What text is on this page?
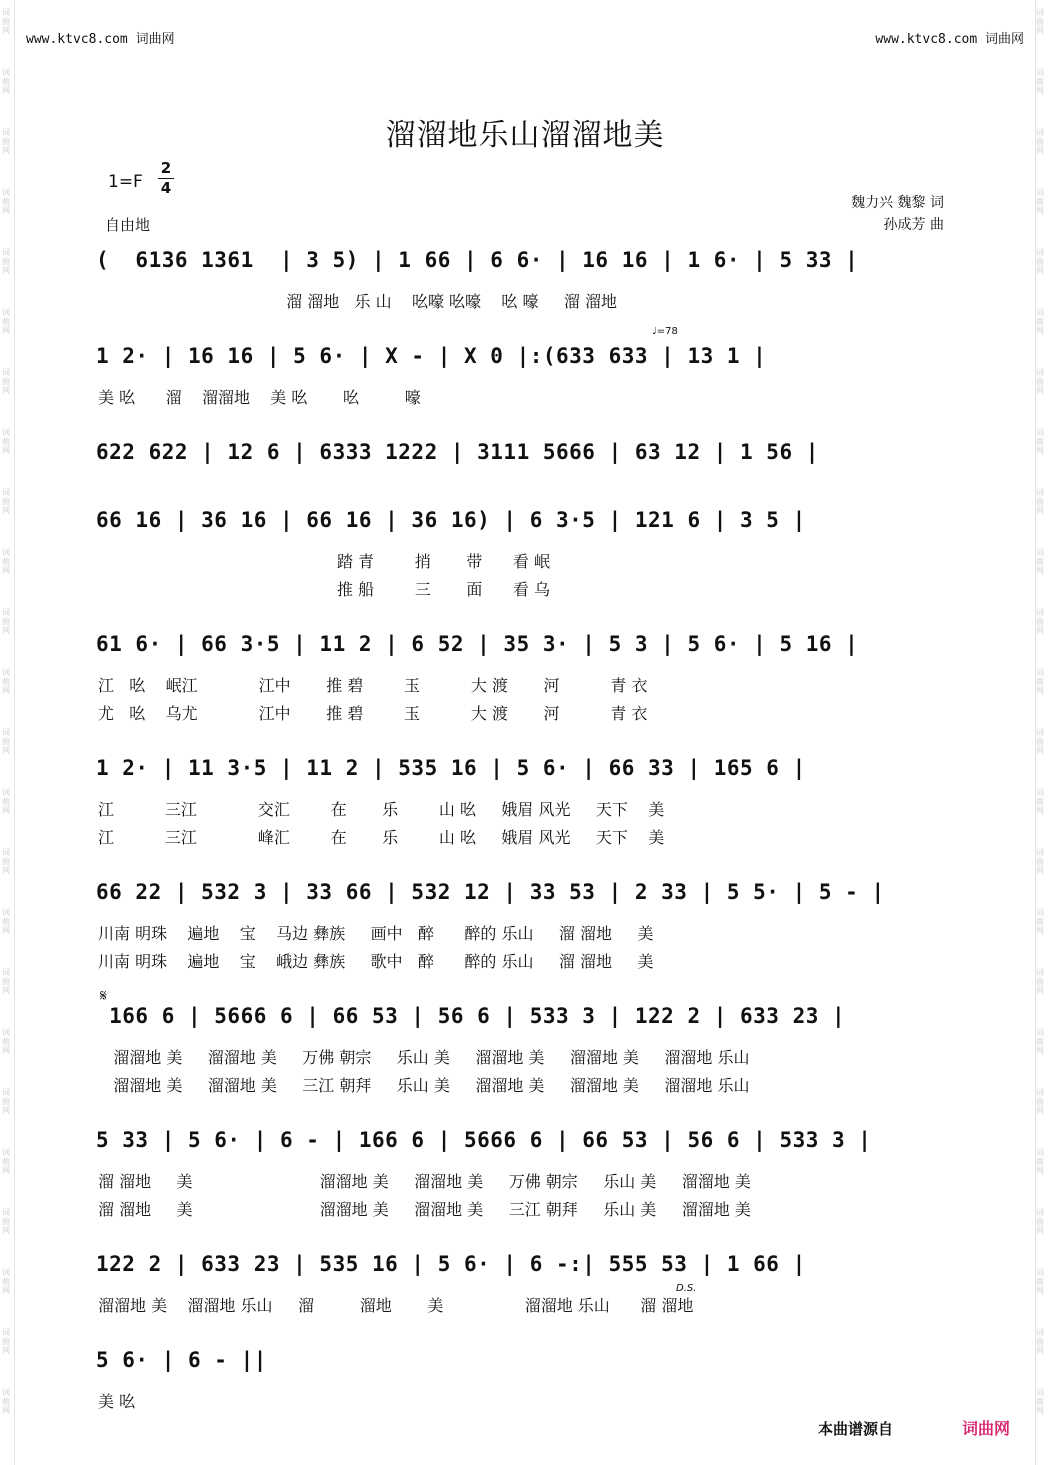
词
曲
网
词
曲
网
词
曲
网
词
曲
网
词
曲
网
词
曲
网
词
曲
网
词
曲
网
词
曲
网
词
曲
网
词
曲
网
词
曲
网
词
曲
网
词
曲
网
词
曲
网
词
曲
网
词
曲
网
词
曲
网
词
曲
网
词
曲
网
词
曲
网
词
曲
网
词
曲
网
词
曲
网
词
曲
网
词
曲
网
词
曲
网
词
曲
网
词
曲
网
词
曲
网
词
曲
网
词
曲
网
词
曲
网
词
曲
网
词
曲
网
词
曲
网
词
曲
网
词
曲
网
词
曲
网
词
曲
网
词
曲
网
词
曲
网
词
曲
网
词
曲
网
词
曲
网
词
曲
网
词
曲
网
词
曲
网
www.ktvc8.com 词曲网	www.ktvc8.com 词曲网
溜溜地乐山溜溜地美
1=F
2
4
自由地
魏力兴 魏黎 词
孙成芳 曲
♩=78
(  6136 1361  | 3 5) | 1 66 | 6 6· | 16 16 | 1 6· | 5 33 |
溜 溜地   乐 山    吆嚎 吆嚎    吆 嚎     溜 溜地
1 2· | 16 16 | 5 6· | X - | X 0 |:(633 633 | 13 1 |
美 吆      溜    溜溜地    美 吆       吆         嚎
622 622 | 12 6 | 6333 1222 | 3111 5666 | 63 12 | 1 56 |
66 16 | 36 16 | 66 16 | 36 16) | 6 3·5 | 121 6 | 3 5 |
踏 青        捎       带      看 岷
推 船        三       面      看 乌
61 6· | 66 3·5 | 11 2 | 6 52 | 35 3· | 5 3 | 5 6· | 5 16 |
江   吆    岷江            江中       推 碧        玉          大 渡       河          青 衣
尤   吆    乌尤            江中       推 碧        玉          大 渡       河          青 衣
1 2· | 11 3·5 | 11 2 | 535 16 | 5 6· | 66 33 | 165 6 |
江          三江            交汇        在       乐        山 吆     娥眉 风光     天下    美
江          三江            峰汇        在       乐        山 吆     娥眉 风光     天下    美
66 22 | 532 3 | 33 66 | 532 12 | 33 53 | 2 33 | 5 5· | 5 - |
川南 明珠    遍地    宝    马边 彝族     画中   醉      醉的 乐山     溜 溜地     美
川南 明珠    遍地    宝    峨边 彝族     歌中   醉      醉的 乐山     溜 溜地     美
𝄋
166 6 | 5666 6 | 66 53 | 56 6 | 533 3 | 122 2 | 633 23 |
溜溜地 美     溜溜地 美     万佛 朝宗     乐山 美     溜溜地 美     溜溜地 美     溜溜地 乐山
溜溜地 美     溜溜地 美     三江 朝拜     乐山 美     溜溜地 美     溜溜地 美     溜溜地 乐山
5 33 | 5 6· | 6 - | 166 6 | 5666 6 | 66 53 | 56 6 | 533 3 |
溜 溜地     美                         溜溜地 美     溜溜地 美     万佛 朝宗     乐山 美     溜溜地 美
溜 溜地     美                         溜溜地 美     溜溜地 美     三江 朝拜     乐山 美     溜溜地 美
122 2 | 633 23 | 535 16 | 5 6· | 6 -:| 555 53 | 1 66 |
D.S.
溜溜地 美    溜溜地 乐山     溜         溜地       美                溜溜地 乐山      溜 溜地
5 6· | 6 - ||
美 吆
本曲谱源自	词曲网
